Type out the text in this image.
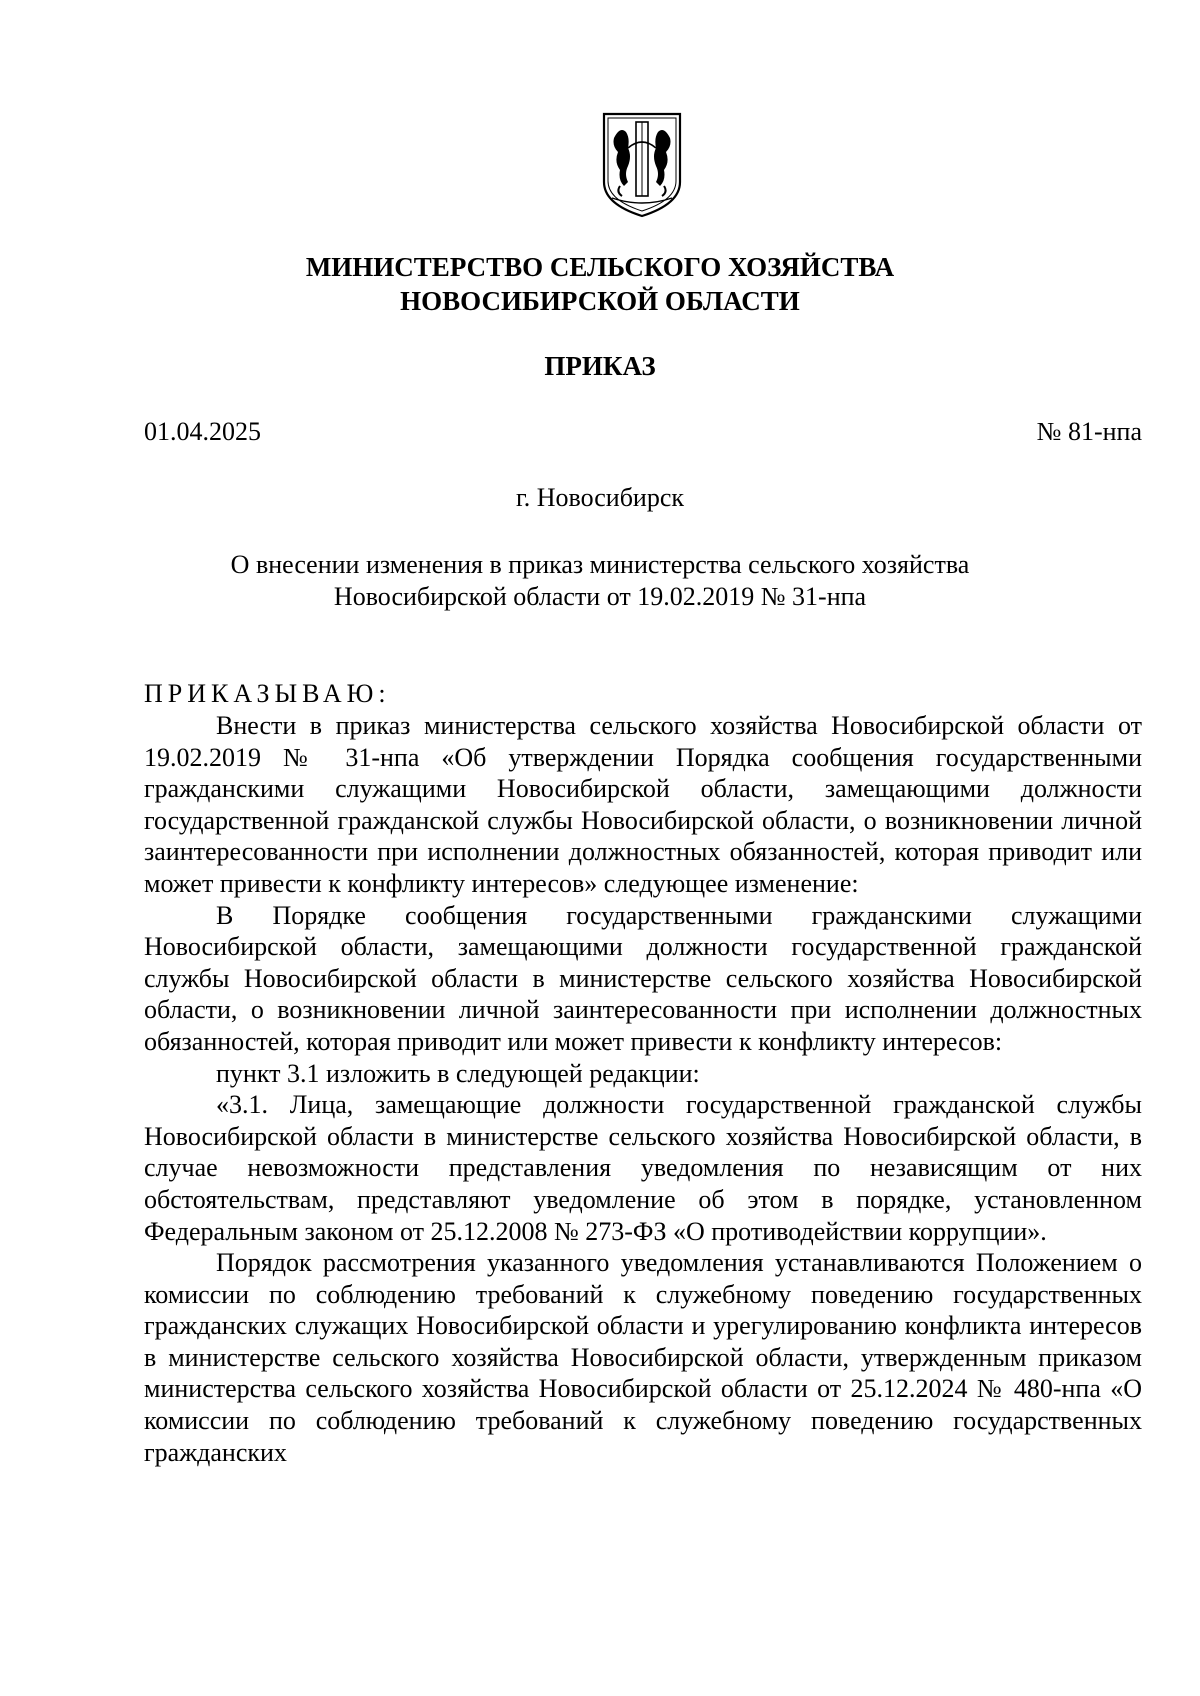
МИНИСТЕРСТВО СЕЛЬСКОГО ХОЗЯЙСТВА
НОВОСИБИРСКОЙ ОБЛАСТИ
ПРИКАЗ
01.04.2025	№ 81-нпа
г. Новосибирск
О внесении изменения в приказ министерства сельского хозяйства
Новосибирской области от 19.02.2019 № 31-нпа
ПРИКАЗЫВАЮ:

Внести в приказ министерства сельского хозяйства Новосибирской области от 19.02.2019 № 31-нпа «Об утверждении Порядка сообщения государственными гражданскими служащими Новосибирской области, замещающими должности государственной гражданской службы Новосибирской области, о возникновении личной заинтересованности при исполнении должностных обязанностей, которая приводит или может привести к конфликту интересов» следующее изменение:

В Порядке сообщения государственными гражданскими служащими Новосибирской области, замещающими должности государственной гражданской службы Новосибирской области в министерстве сельского хозяйства Новосибирской области, о возникновении личной заинтересованности при исполнении должностных обязанностей, которая приводит или может привести к конфликту интересов:

пункт 3.1 изложить в следующей редакции:

«3.1. Лица, замещающие должности государственной гражданской службы Новосибирской области в министерстве сельского хозяйства Новосибирской области, в случае невозможности представления уведомления по независящим от них обстоятельствам, представляют уведомление об этом в порядке, установленном Федеральным законом от 25.12.2008 № 273-ФЗ «О противодействии коррупции».

Порядок рассмотрения указанного уведомления устанавливаются Положением о комиссии по соблюдению требований к служебному поведению государственных гражданских служащих Новосибирской области и урегулированию конфликта интересов в министерстве сельского хозяйства Новосибирской области, утвержденным приказом министерства сельского хозяйства Новосибирской области от 25.12.2024 № 480-нпа «О комиссии по соблюдению требований к служебному поведению государственных гражданских
